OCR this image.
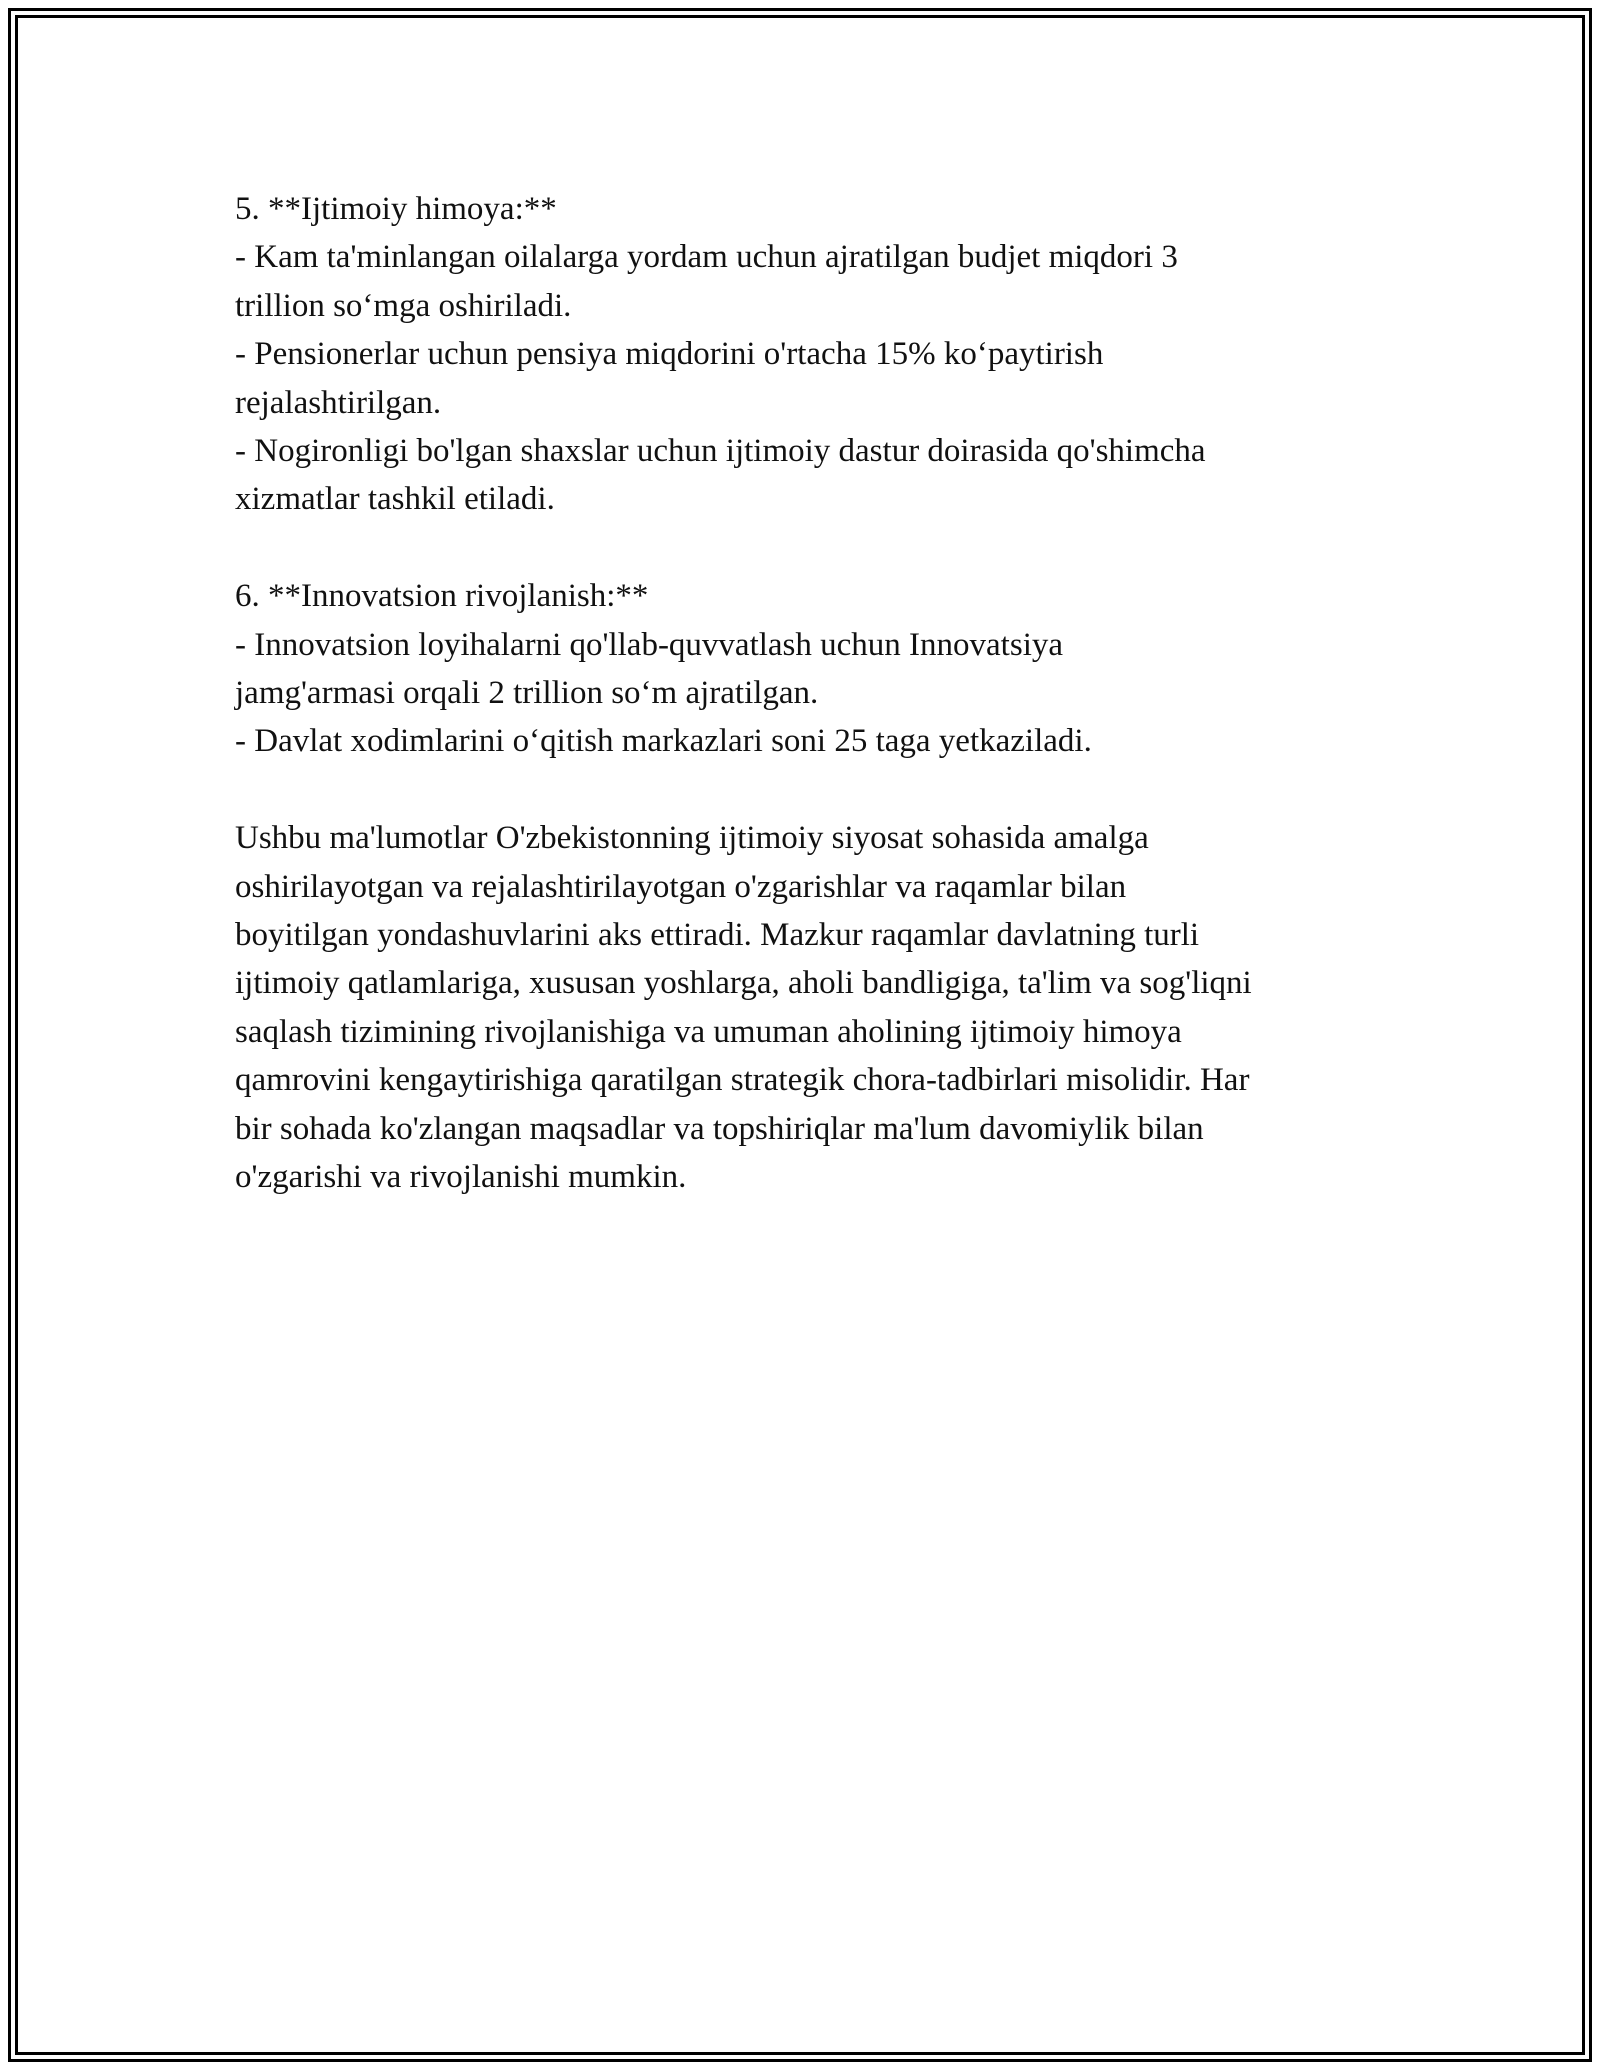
5. **Ijtimoiy himoya:**

- Kam ta'minlangan oilalarga yordam uchun ajratilgan budjet miqdori 3

trillion so‘mga oshiriladi.

- Pensionerlar uchun pensiya miqdorini o'rtacha 15% ko‘paytirish

rejalashtirilgan.

- Nogironligi bo'lgan shaxslar uchun ijtimoiy dastur doirasida qo'shimcha

xizmatlar tashkil etiladi.

6. **Innovatsion rivojlanish:**

- Innovatsion loyihalarni qo'llab-quvvatlash uchun Innovatsiya

jamg'armasi orqali 2 trillion so‘m ajratilgan.

- Davlat xodimlarini o‘qitish markazlari soni 25 taga yetkaziladi.

Ushbu ma'lumotlar O'zbekistonning ijtimoiy siyosat sohasida amalga

oshirilayotgan va rejalashtirilayotgan o'zgarishlar va raqamlar bilan

boyitilgan yondashuvlarini aks ettiradi. Mazkur raqamlar davlatning turli

ijtimoiy qatlamlariga, xususan yoshlarga, aholi bandligiga, ta'lim va sog'liqni

saqlash tizimining rivojlanishiga va umuman aholining ijtimoiy himoya

qamrovini kengaytirishiga qaratilgan strategik chora-tadbirlari misolidir. Har

bir sohada ko'zlangan maqsadlar va topshiriqlar ma'lum davomiylik bilan

o'zgarishi va rivojlanishi mumkin.
